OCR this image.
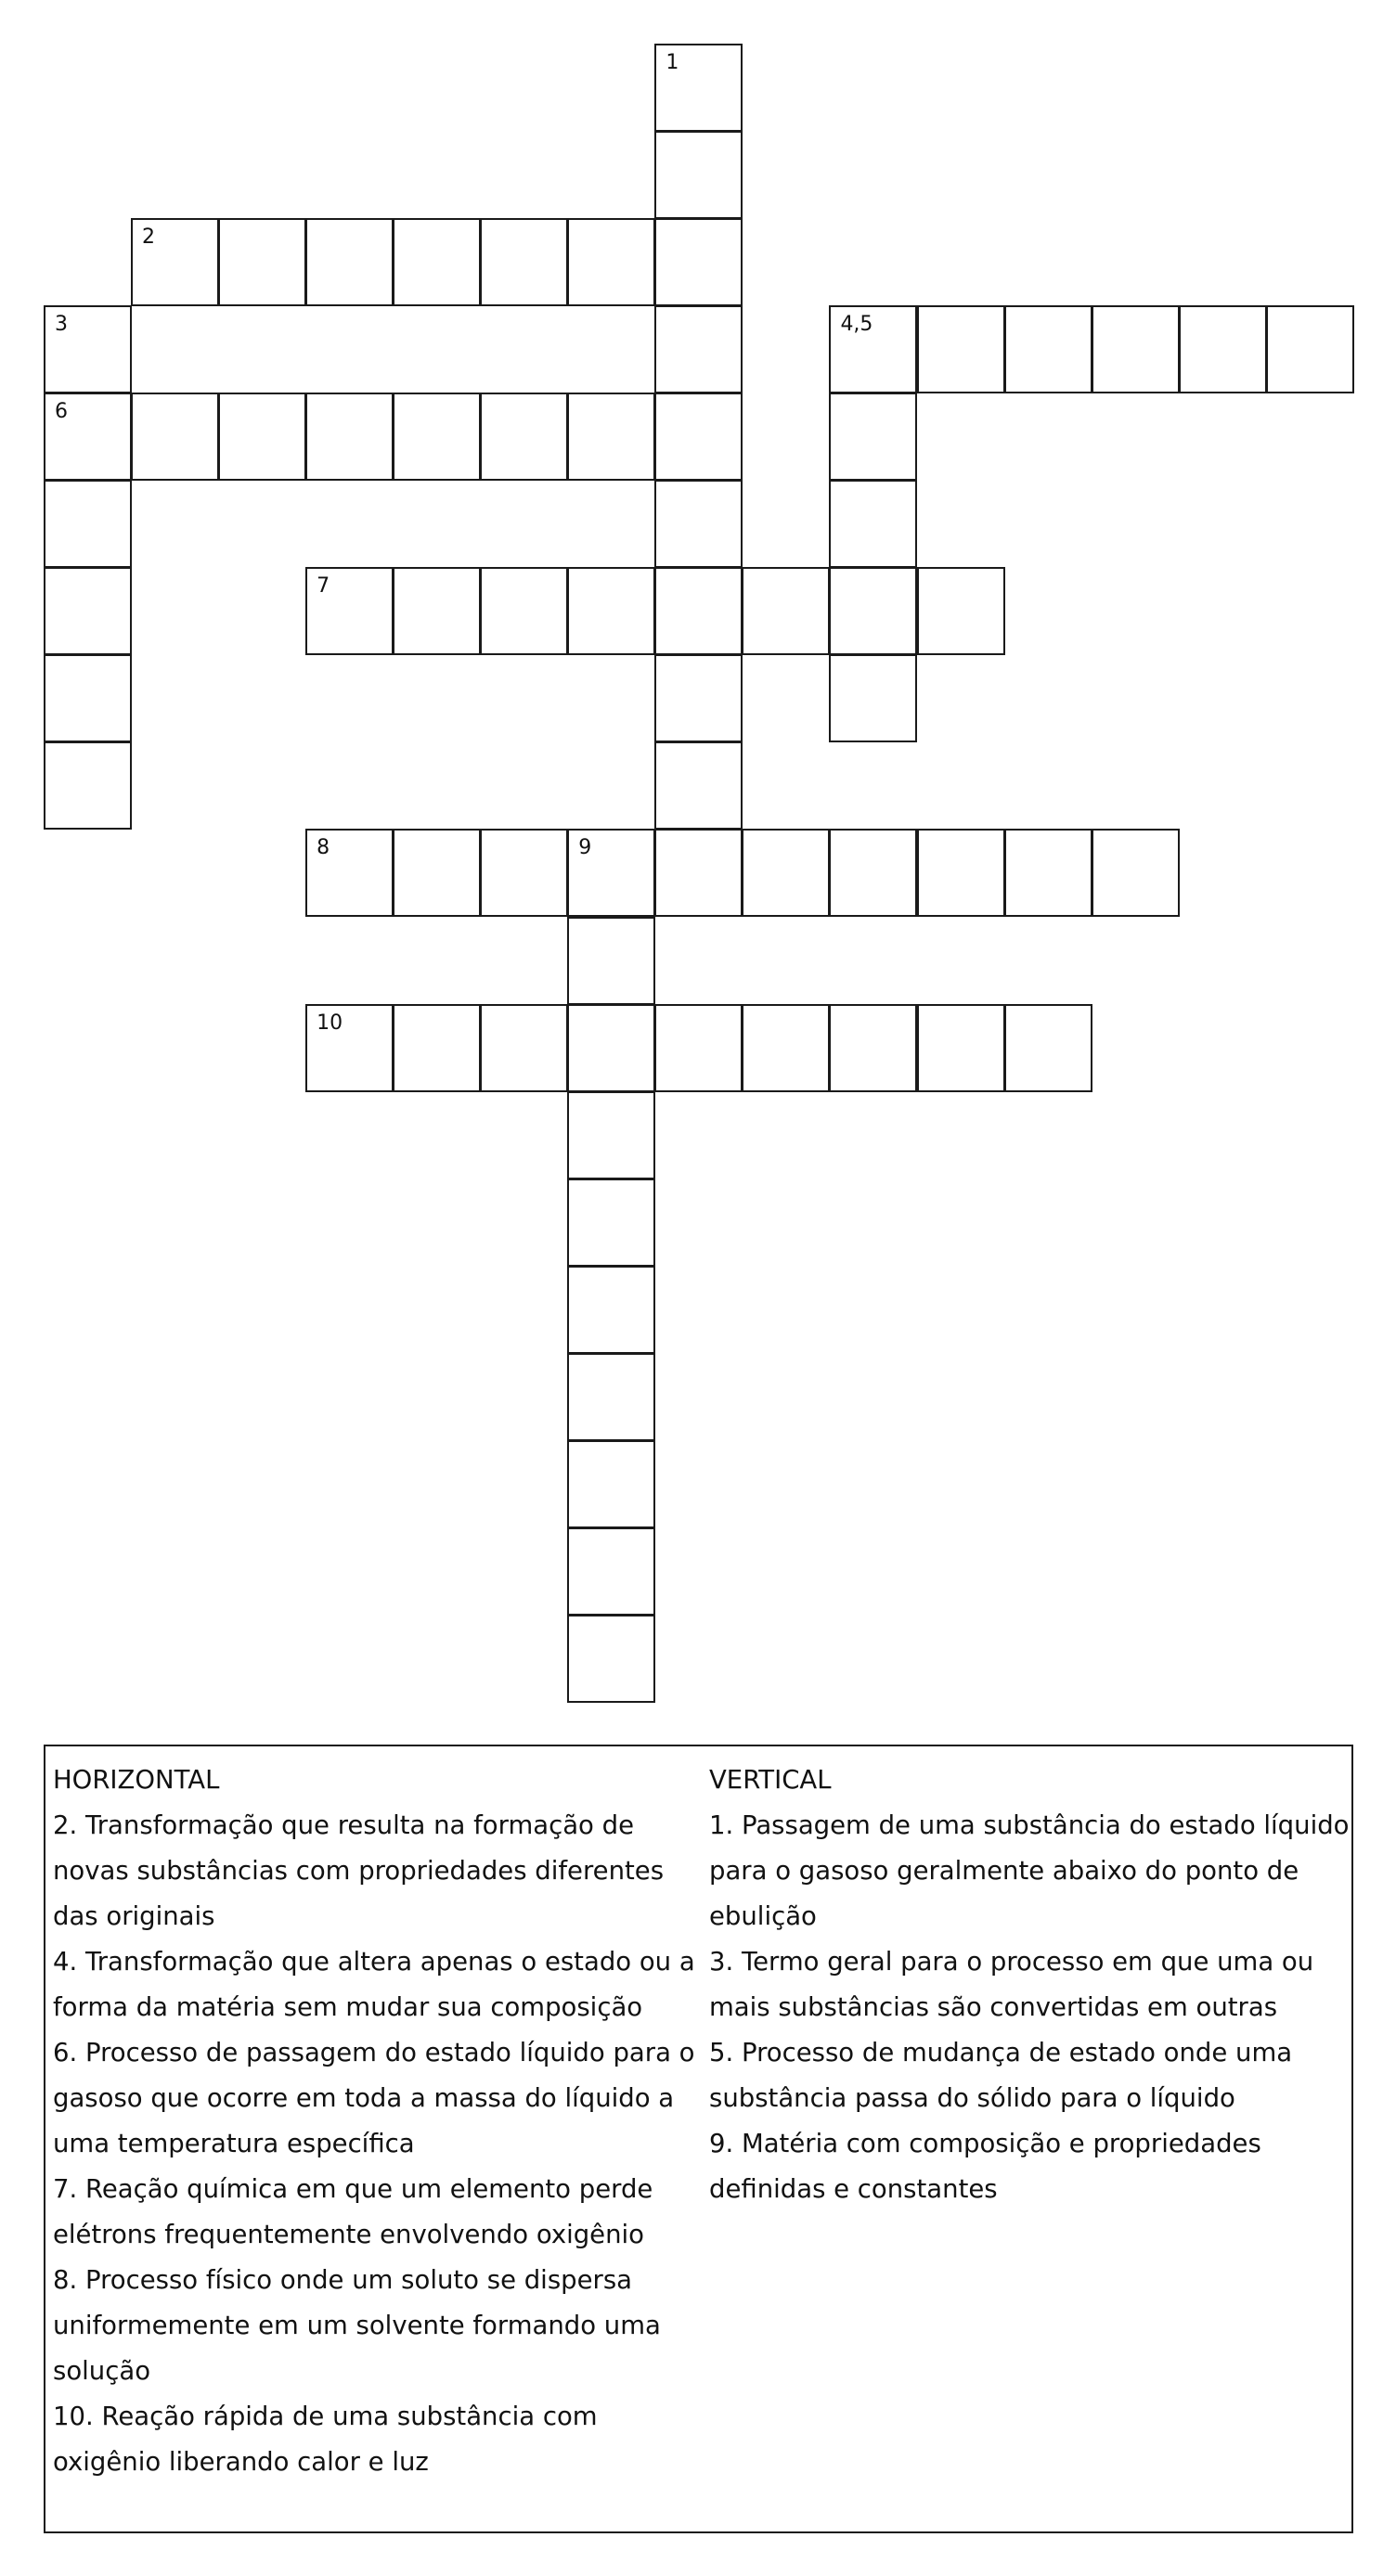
1
2
3
6
4,5
7
8	9
10
HORIZONTAL
2. Transformação que resulta na formação de novas substâncias com propriedades diferentes das originais
4. Transformação que altera apenas o estado ou a forma da matéria sem mudar sua composição
6. Processo de passagem do estado líquido para o gasoso que ocorre em toda a massa do líquido a uma temperatura específica
7. Reação química em que um elemento perde elétrons frequentemente envolvendo oxigênio
8. Processo físico onde um soluto se dispersa uniformemente em um solvente formando uma solução
10. Reação rápida de uma substância com oxigênio liberando calor e luz
VERTICAL
1. Passagem de uma substância do estado líquido para o gasoso geralmente abaixo do ponto de ebulição
3. Termo geral para o processo em que uma ou mais substâncias são convertidas em outras
5. Processo de mudança de estado onde uma substância passa do sólido para o líquido
9. Matéria com composição e propriedades definidas e constantes
